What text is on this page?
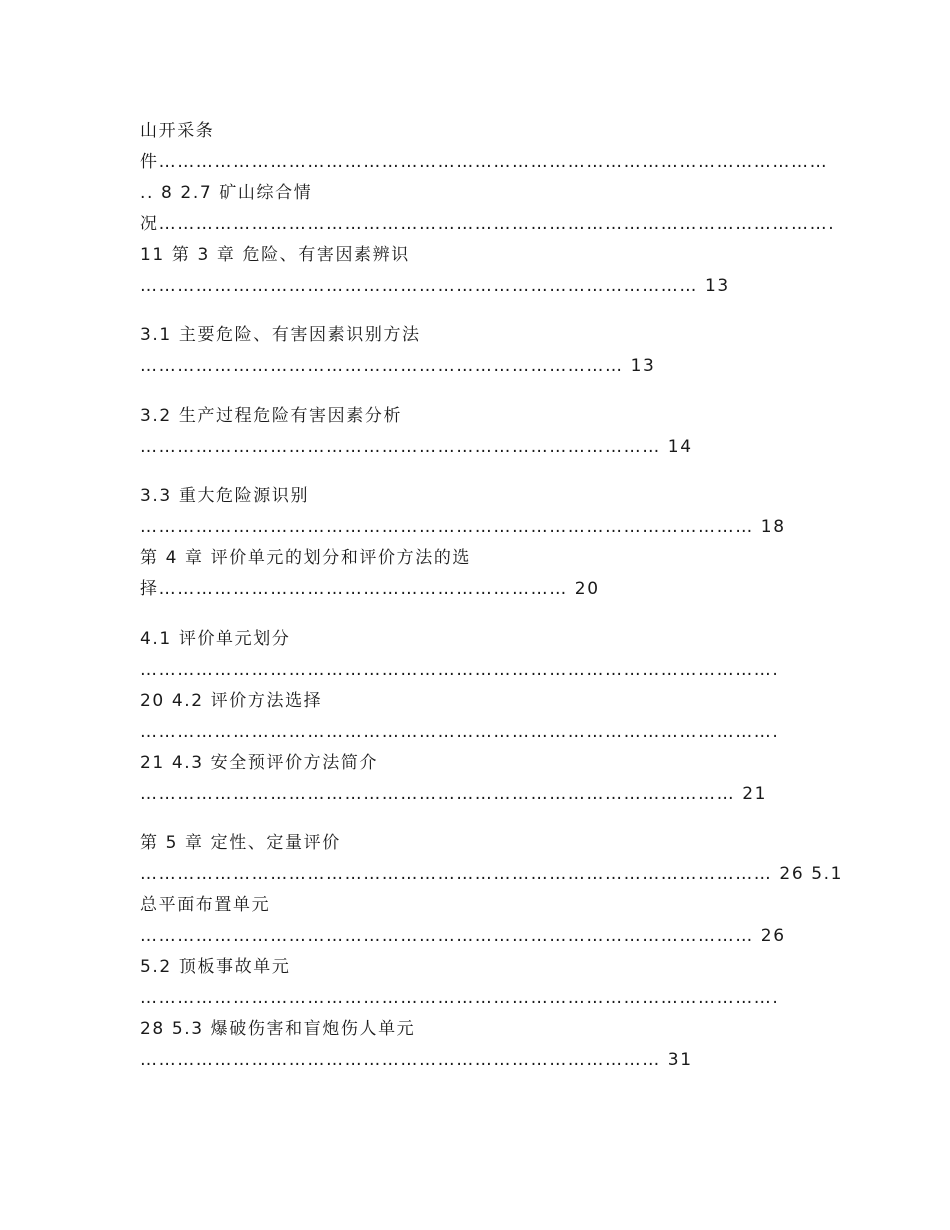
山开采条
件………………………………………………………………………………………………
.. 8 2.7 矿山综合情
况……………………………………………………………………………………………….
11 第 3 章 危险、有害因素辨识
……………………………………………………………………………… 13
3.1 主要危险、有害因素识别方法
…………………………………………………………………… 13
3.2 生产过程危险有害因素分析
………………………………………………………………………… 14
3.3 重大危险源识别
……………………………………………………………………………………… 18
第 4 章 评价单元的划分和评价方法的选
择………………………………………………………… 20
4.1 评价单元划分
………………………………………………………………………………………….
20 4.2 评价方法选择
………………………………………………………………………………………….
21 4.3 安全预评价方法简介
…………………………………………………………………………………… 21
第 5 章 定性、定量评价
………………………………………………………………………………………… 26 5.1
总平面布置单元
……………………………………………………………………………………… 26
5.2 顶板事故单元
………………………………………………………………………………………….
28 5.3 爆破伤害和盲炮伤人单元
………………………………………………………………………… 31
